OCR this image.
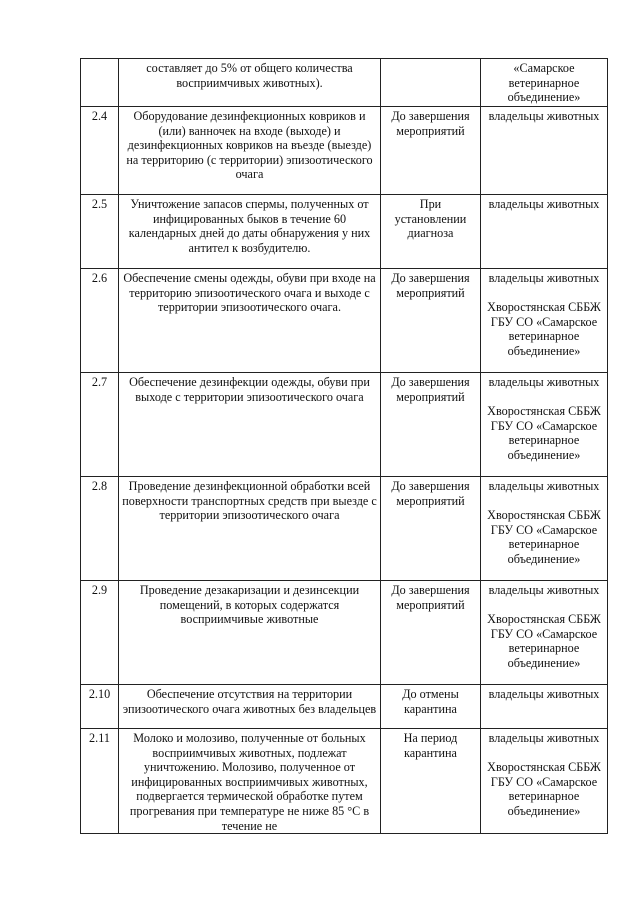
	составляет до 5% от общего количества восприимчивых животных).		«Самарское ветеринарное объединение»

2.4	Оборудование дезинфекционных ковриков и (или) ванночек на входе (выходе) и дезинфекционных ковриков на въезде (выезде) на территорию (с территории) эпизоотического очага	До завершения мероприятий	владельцы животных

2.5	Уничтожение запасов спермы, полученных от инфицированных быков в течение 60 календарных дней до даты обнаружения у них антител к возбудителю.	При установлении диагноза	владельцы животных

2.6	Обеспечение смены одежды, обуви при входе на территорию эпизоотического очага и выходе с территории эпизоотического очага.	До завершения мероприятий	владельцы животных
Хворостянская СББЖ ГБУ СО «Самарское ветеринарное объединение»

2.7	Обеспечение дезинфекции одежды, обуви при выходе с территории эпизоотического очага	До завершения мероприятий	владельцы животных
Хворостянская СББЖ ГБУ СО «Самарское ветеринарное объединение»

2.8	Проведение дезинфекционной обработки всей поверхности транспортных средств при выезде с территории эпизоотического очага	До завершения мероприятий	владельцы животных
Хворостянская СББЖ ГБУ СО «Самарское ветеринарное объединение»

2.9	Проведение дезакаризации и дезинсекции помещений, в которых содержатся восприимчивые животные	До завершения мероприятий	владельцы животных
Хворостянская СББЖ ГБУ СО «Самарское ветеринарное объединение»

2.10	Обеспечение отсутствия на территории эпизоотического очага животных без владельцев	До отмены карантина	владельцы животных

2.11	Молоко и молозиво, полученные от больных восприимчивых животных, подлежат уничтожению. Молозиво, полученное от инфицированных восприимчивых животных, подвергается термической обработке путем прогревания при температуре не ниже 85 °С в течение не	На период карантина	владельцы животных
Хворостянская СББЖ ГБУ СО «Самарское ветеринарное объединение»
